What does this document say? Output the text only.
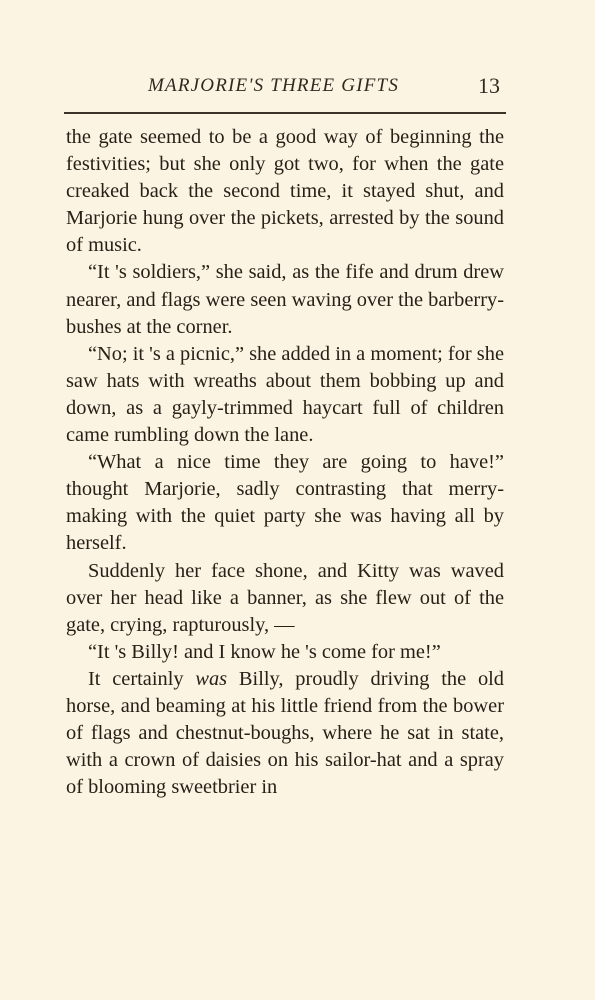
MARJORIE'S THREE GIFTS	13

the gate seemed to be a good way of beginning the festivities; but she only got two, for when the gate creaked back the second time, it stayed shut, and Marjorie hung over the pickets, arrested by the sound of music.

“It 's soldiers,” she said, as the fife and drum drew nearer, and flags were seen waving over the barberry-bushes at the corner.

“No; it 's a picnic,” she added in a moment; for she saw hats with wreaths about them bobbing up and down, as a gayly-trimmed haycart full of children came rumbling down the lane.

“What a nice time they are going to have!” thought Marjorie, sadly contrasting that merry-making with the quiet party she was having all by herself.

Suddenly her face shone, and Kitty was waved over her head like a banner, as she flew out of the gate, crying, rapturously, —

“It 's Billy! and I know he 's come for me!”

It certainly was Billy, proudly driving the old horse, and beaming at his little friend from the bower of flags and chestnut-boughs, where he sat in state, with a crown of daisies on his sailor-hat and a spray of blooming sweetbrier in
